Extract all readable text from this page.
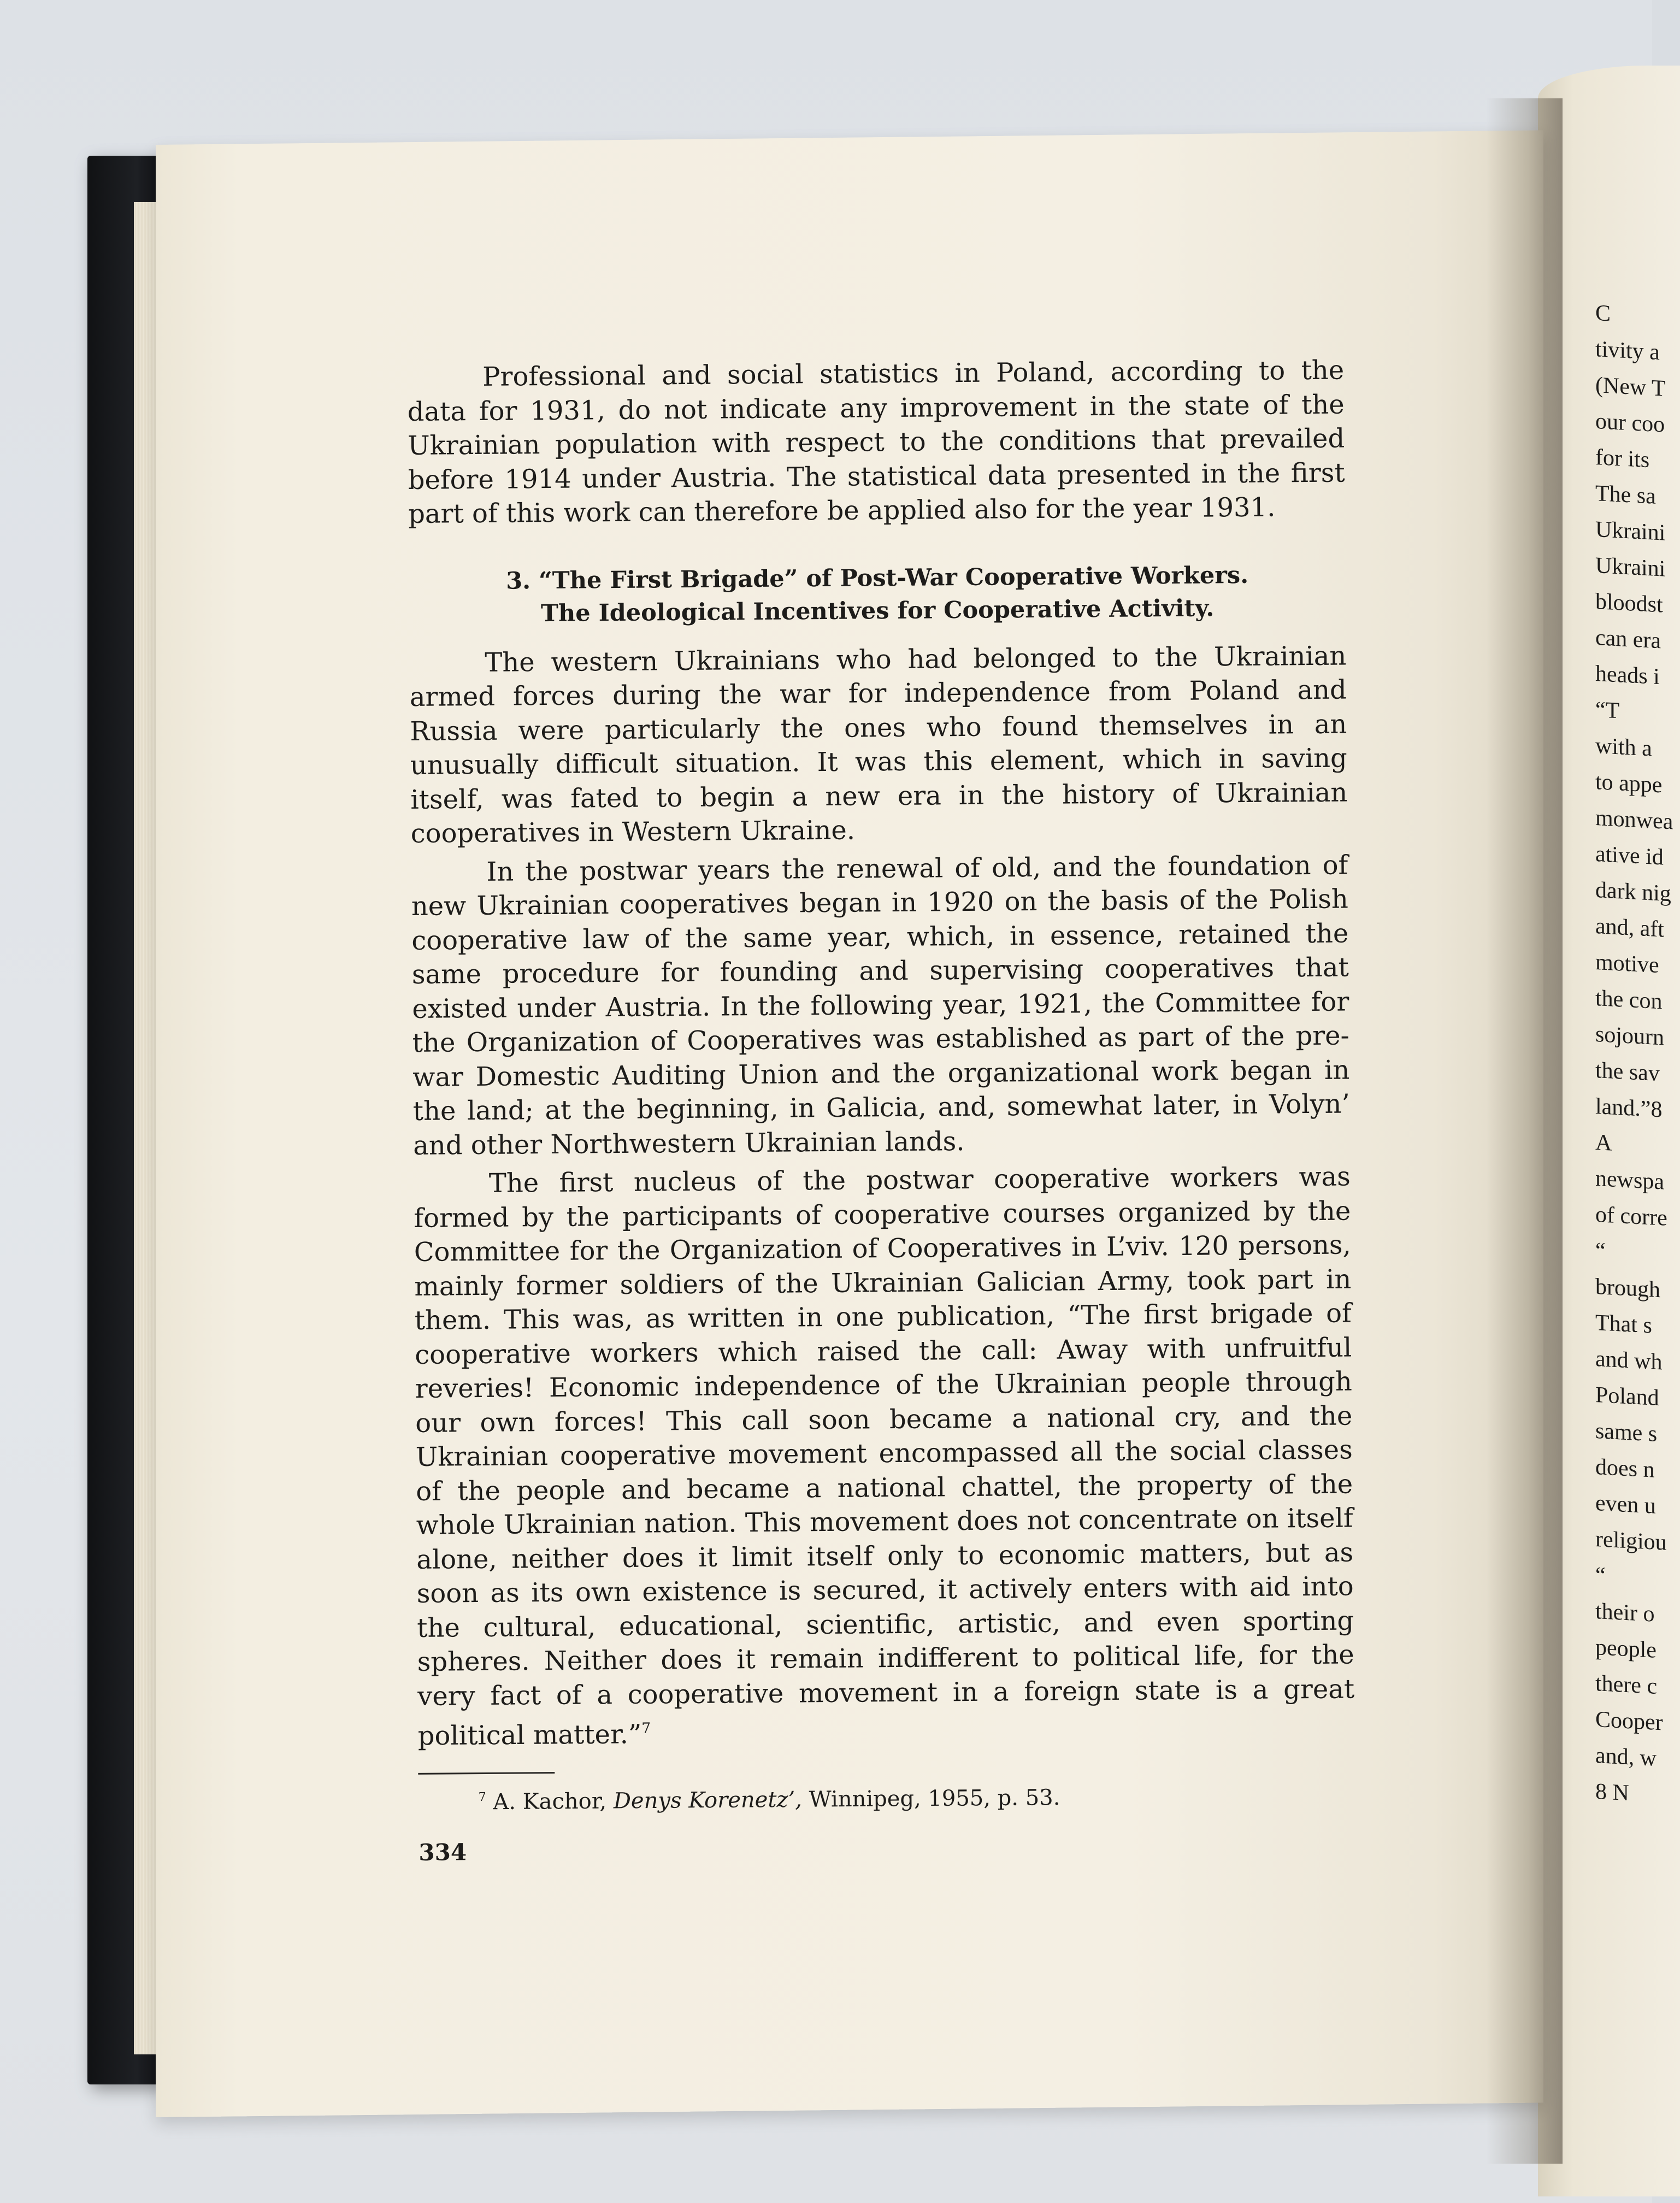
Professional and social statistics in Poland, according to the data for 1931, do not indicate any improvement in the state of the Ukrainian population with respect to the conditions that prevailed before 1914 under Austria. The statistical data presented in the first part of this work can therefore be applied also for the year 1931.

3. “The First Brigade” of Post-War Cooperative Workers.
The Ideological Incentives for Cooperative Activity.

The western Ukrainians who had belonged to the Ukrainian armed forces during the war for independence from Poland and Russia were particularly the ones who found themselves in an unusually difficult situation. It was this element, which in saving itself, was fated to begin a new era in the history of Ukrainian cooperatives in Western Ukraine.

In the postwar years the renewal of old, and the foundation of new Ukrainian cooperatives began in 1920 on the basis of the Polish cooperative law of the same year, which, in essence, retained the same procedure for founding and supervising cooperatives that existed under Austria. In the following year, 1921, the Committee for the Organization of Cooperatives was established as part of the pre-war Domestic Auditing Union and the organizational work began in the land; at the beginning, in Galicia, and, somewhat later, in Volyn’ and other Northwestern Ukrainian lands.

The first nucleus of the postwar cooperative workers was formed by the participants of cooperative courses organized by the Committee for the Organization of Cooperatives in L’viv. 120 persons, mainly former soldiers of the Ukrainian Galician Army, took part in them. This was, as written in one publication, “The first brigade of cooperative workers which raised the call: Away with unfruitful reveries! Economic independence of the Ukrainian people through our own forces! This call soon became a national cry, and the Ukrainian cooperative movement encompassed all the social classes of the people and became a national chattel, the property of the whole Ukrainian nation. This movement does not concentrate on itself alone, neither does it limit itself only to economic matters, but as soon as its own existence is secured, it actively enters with aid into the cultural, educational, scientific, artistic, and even sporting spheres. Neither does it remain indifferent to political life, for the very fact of a cooperative movement in a foreign state is a great political matter.”$^7$

$^7$ A. Kachor, Denys Korenetz’, Winnipeg, 1955, p. 53.

334
C
tivity a
(New T
our coo
for its
The sa
Ukraini
Ukraini
bloodst
can era
heads i
“T
with a
to appe
monwea
ative id
dark nig
and, aft
motive
the con
sojourn
the sav
land.”8
A
newspa
of corre
“
brough
That s
and wh
Poland
same s
does n
even u
religiou
“
their o
people
there c
Cooper
and, w
8 N
